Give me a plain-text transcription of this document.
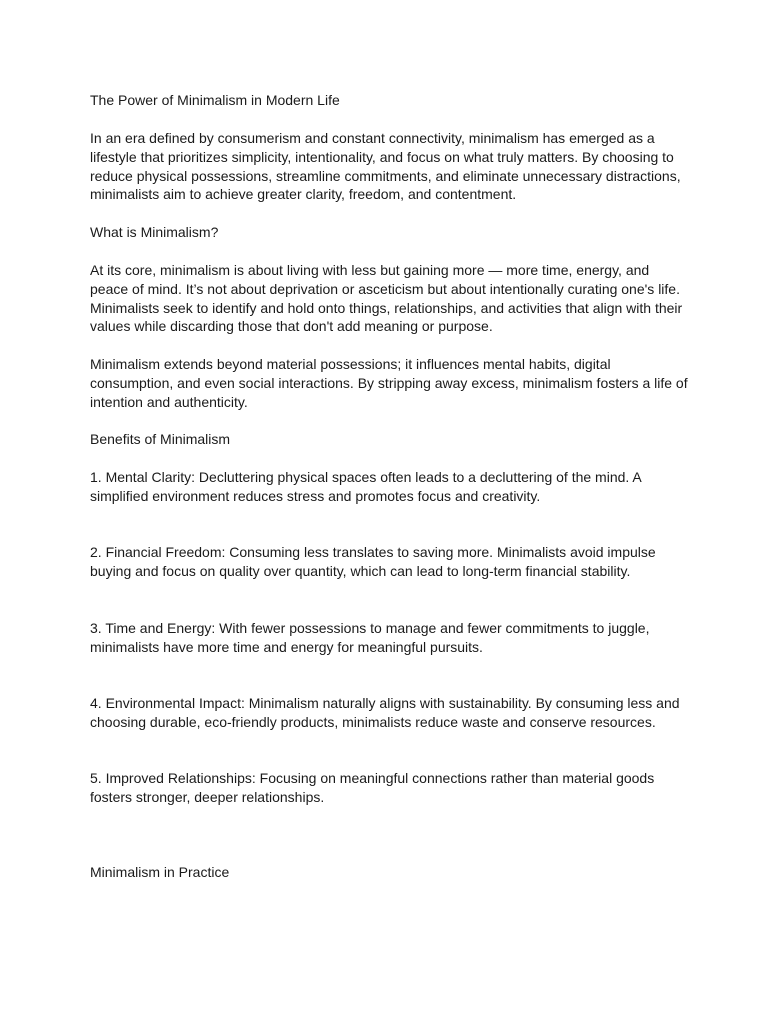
The Power of Minimalism in Modern Life

In an era defined by consumerism and constant connectivity, minimalism has emerged as a lifestyle that prioritizes simplicity, intentionality, and focus on what truly matters. By choosing to reduce physical possessions, streamline commitments, and eliminate unnecessary distractions, minimalists aim to achieve greater clarity, freedom, and contentment.

What is Minimalism?

At its core, minimalism is about living with less but gaining more — more time, energy, and peace of mind. It’s not about deprivation or asceticism but about intentionally curating one's life. Minimalists seek to identify and hold onto things, relationships, and activities that align with their values while discarding those that don't add meaning or purpose.

Minimalism extends beyond material possessions; it influences mental habits, digital consumption, and even social interactions. By stripping away excess, minimalism fosters a life of intention and authenticity.

Benefits of Minimalism

1. Mental Clarity: Decluttering physical spaces often leads to a decluttering of the mind. A simplified environment reduces stress and promotes focus and creativity.

2. Financial Freedom: Consuming less translates to saving more. Minimalists avoid impulse buying and focus on quality over quantity, which can lead to long-term financial stability.

3. Time and Energy: With fewer possessions to manage and fewer commitments to juggle, minimalists have more time and energy for meaningful pursuits.

4. Environmental Impact: Minimalism naturally aligns with sustainability. By consuming less and choosing durable, eco-friendly products, minimalists reduce waste and conserve resources.

5. Improved Relationships: Focusing on meaningful connections rather than material goods fosters stronger, deeper relationships.

Minimalism in Practice
